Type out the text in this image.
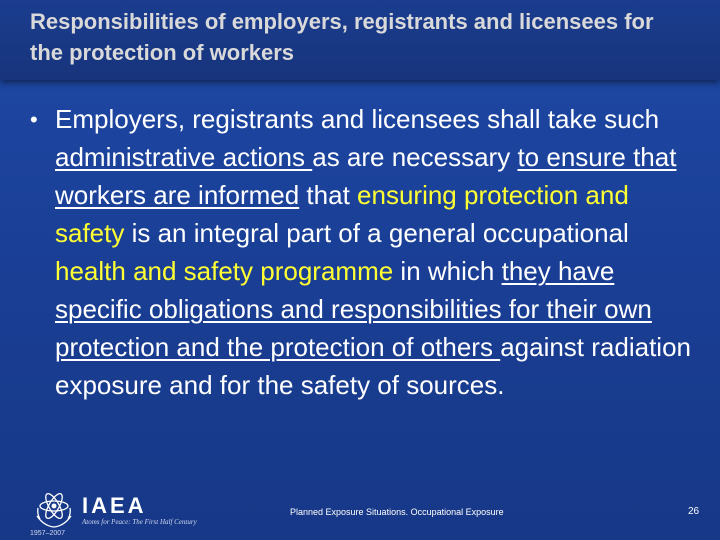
Responsibilities of employers, registrants and licensees for the protection of workers
• Employers, registrants and licensees shall take such administrative actions as are necessary to ensure that workers are informed that ensuring protection and safety is an integral part of a general occupational health and safety programme in which they have specific obligations and responsibilities for their own protection and the protection of others against radiation exposure and for the safety of sources.
IAEA
Atoms for Peace: The First Half Century
1957–2007
Planned Exposure Situations. Occupational Exposure	26
